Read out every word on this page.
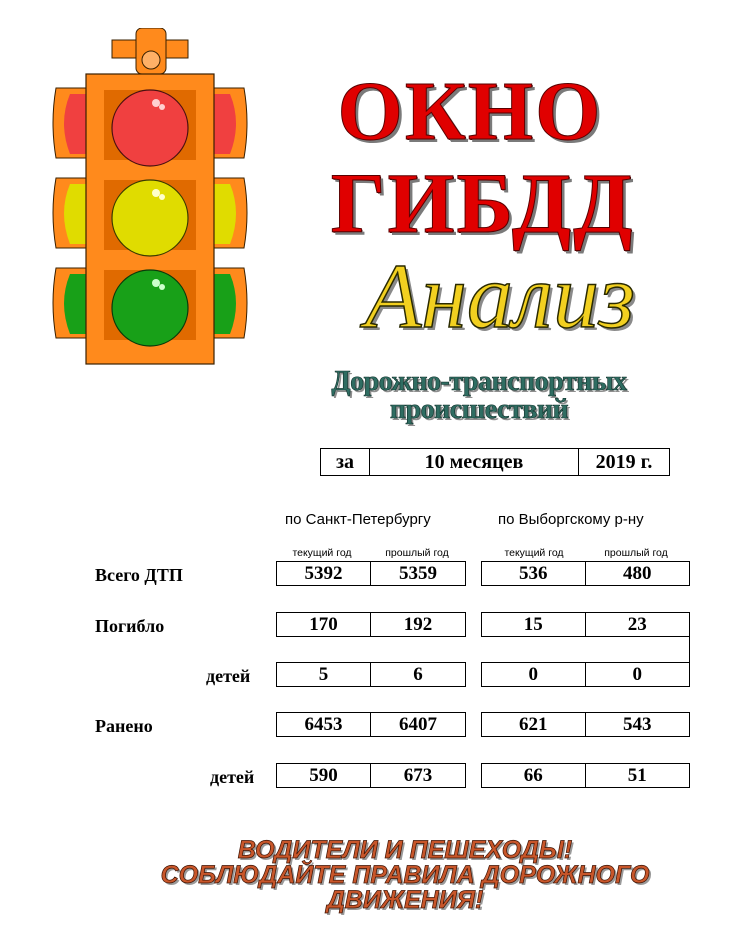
ОКНО
ГИБДД
Анализ
Дорожно-транспортных происшествий
за	10 месяцев	2019 г.
по Санкт-Петербургу	по Выборгскому р-ну
текущий год	прошлый год	текущий год	прошлый год
Всего ДТП	5392	5359	536	480
Погибло	170	192	15	23
детей	5	6	0	0
Ранено	6453	6407	621	543
детей	590	673	66	51
ВОДИТЕЛИ И ПЕШЕХОДЫ!
СОБЛЮДАЙТЕ ПРАВИЛА ДОРОЖНОГО
ДВИЖЕНИЯ!
